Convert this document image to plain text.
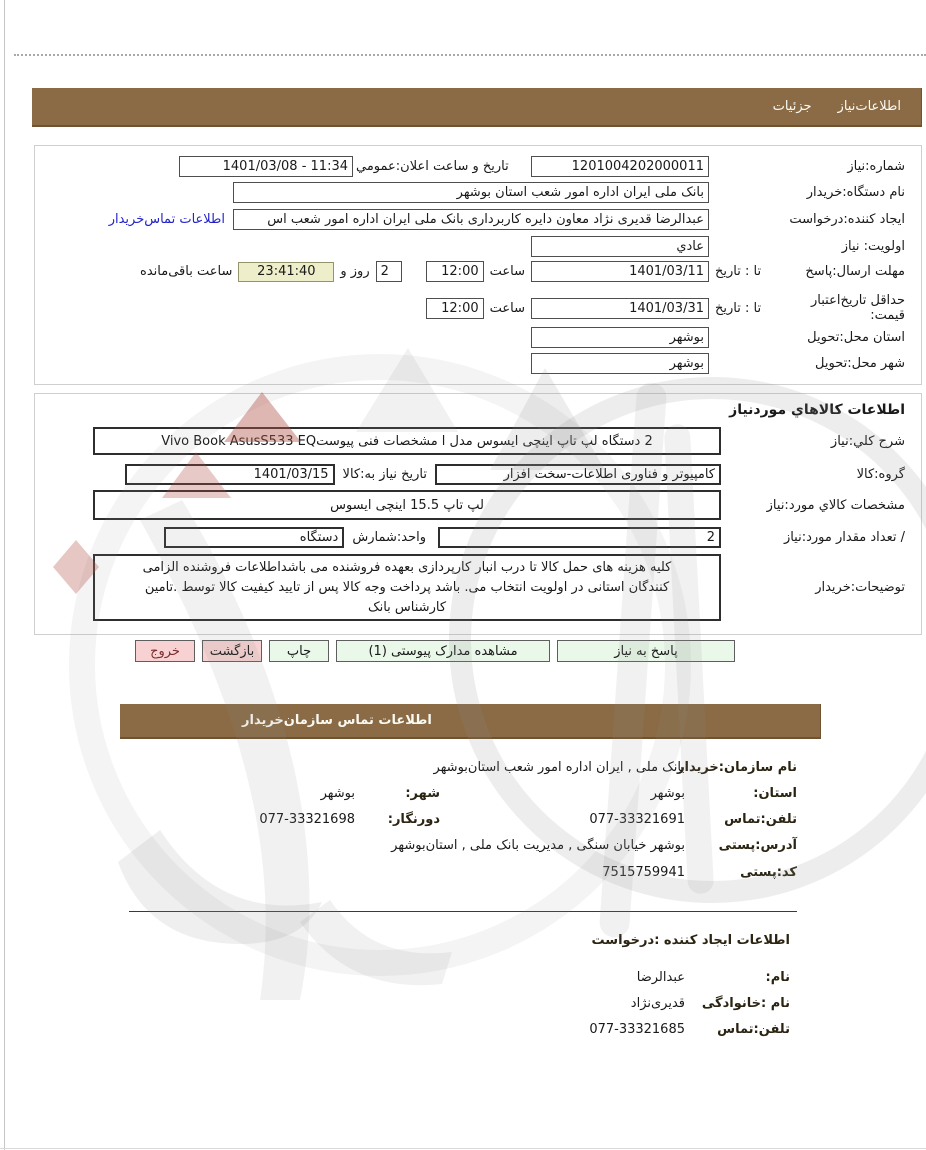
اطلاعات‌نیاز
جزئیات
شماره:نیاز
1201004202000011
تاریخ و ساعت اعلان:عمومي
1401/03/08 - 11:34
نام دستگاه:خریدار
بانک ملی ایران اداره امور شعب استان بوشهر
ایجاد کننده:درخواست
عبدالرضا قدیری نژاد معاون دایره کاربرداری بانک ملی ایران اداره امور شعب اس
اطلاعات تماس‌خریدار
اولویت: نیاز
عادي
مهلت ارسال:پاسخ
تا : تاریخ
1401/03/11
ساعت
12:00
2
روز و
23:41:40
ساعت باقی‌مانده
حداقل تاریخ‌اعتبار
قیمت:
تا : تاریخ
1401/03/31
ساعت
12:00
استان محل:تحویل
بوشهر
شهر محل:تحویل
بوشهر
اطلاعات کالاهاي موردنیاز
شرح کلي:نیاز
2 دستگاه لپ تاپ اینچی ایسوس مدل ا مشخصات فنی پیوستVivo Book AsusS533 EQ
گروه:کالا
کامپیوتر و فناوری اطلاعات-سخت افزار
تاریخ نیاز به:کالا
1401/03/15
مشخصات کالاي مورد:نیاز
لپ تاپ 15.5 اینچی ایسوس
/ تعداد مقدار مورد:نیاز
2
واحد:شمارش
دستگاه
توضیحات:خریدار
کلیه هزینه های حمل کالا تا درب انبار کارپردازی بعهده فروشنده می باشداطلاعات فروشنده الزامی
کنندگان استانی در اولویت انتخاب می. باشد پرداخت وجه کالا پس از تایید کیفیت کالا توسط .تامین
کارشناس بانک
پاسخ به نیاز
مشاهده مدارک پیوستی (1)
چاپ
بازگشت
خروج
اطلاعات تماس سازمان‌خریدار
نام سازمان:خریدار
بانک ملی , ایران اداره امور شعب استان‌بوشهر
استان:
بوشهر
شهر:
بوشهر
تلفن:تماس
077-33321691
دورنگار:
077-33321698
آدرس:پستی
بوشهر خیابان سنگی , مدیریت بانک ملی , استان‌بوشهر
کد:پستی
7515759941
اطلاعات ایجاد کننده :درخواست
نام:
عبدالرضا
نام :خانوادگی
قدیری‌نژاد
تلفن:تماس
077-33321685
